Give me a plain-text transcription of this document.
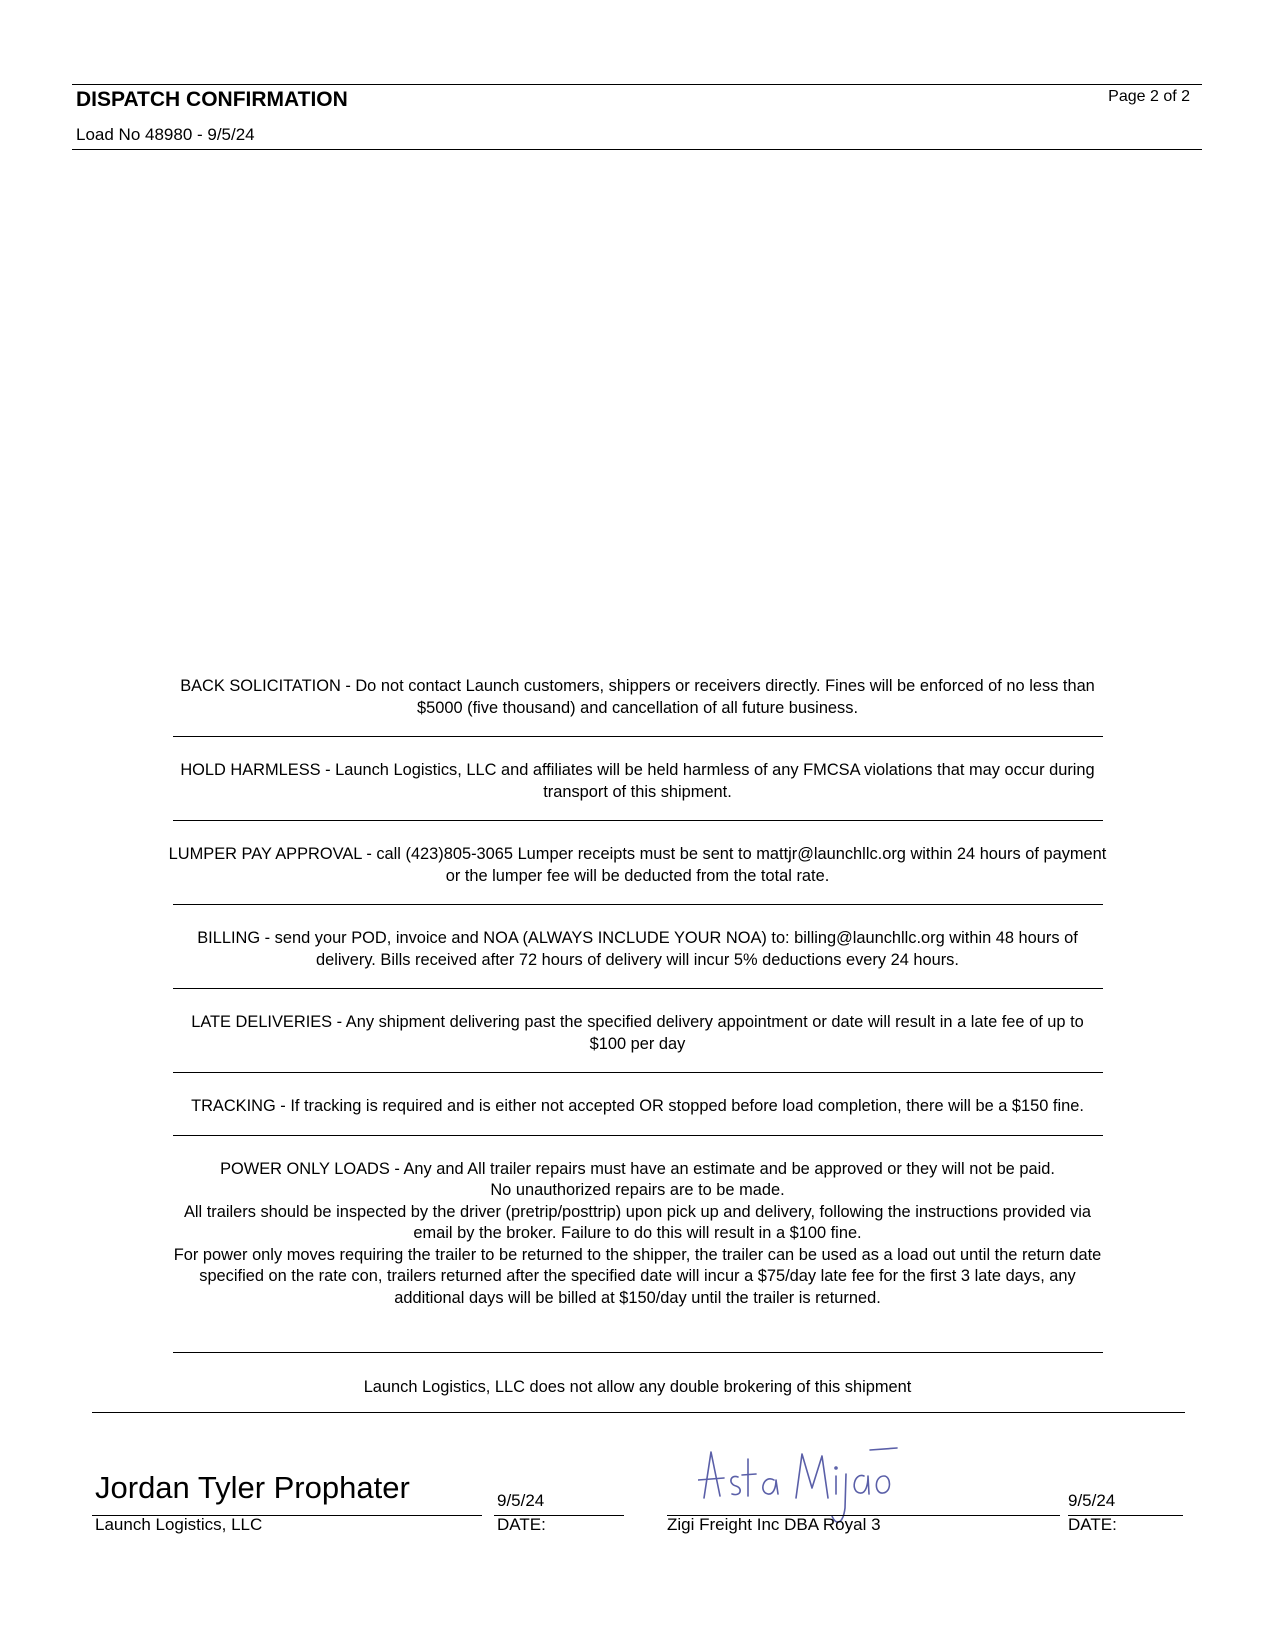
DISPATCH CONFIRMATION	Page 2 of 2
Load No 48980 - 9/5/24

BACK SOLICITATION - Do not contact Launch customers, shippers or receivers directly. Fines will be enforced of no less than

$5000 (five thousand) and cancellation of all future business.

HOLD HARMLESS - Launch Logistics, LLC and affiliates will be held harmless of any FMCSA violations that may occur during

transport of this shipment.

LUMPER PAY APPROVAL - call (423)805-3065 Lumper receipts must be sent to mattjr@launchllc.org within 24 hours of payment

or the lumper fee will be deducted from the total rate.

BILLING - send your POD, invoice and NOA (ALWAYS INCLUDE YOUR NOA) to: billing@launchllc.org within 48 hours of

delivery. Bills received after 72 hours of delivery will incur 5% deductions every 24 hours.

LATE DELIVERIES - Any shipment delivering past the specified delivery appointment or date will result in a late fee of up to

$100 per day

TRACKING - If tracking is required and is either not accepted OR stopped before load completion, there will be a $150 fine.

POWER ONLY LOADS - Any and All trailer repairs must have an estimate and be approved or they will not be paid.

No unauthorized repairs are to be made.

All trailers should be inspected by the driver (pretrip/posttrip) upon pick up and delivery, following the instructions provided via

email by the broker. Failure to do this will result in a $100 fine.

For power only moves requiring the trailer to be returned to the shipper, the trailer can be used as a load out until the return date

specified on the rate con, trailers returned after the specified date will incur a $75/day late fee for the first 3 late days, any

additional days will be billed at $150/day until the trailer is returned.

Launch Logistics, LLC does not allow any double brokering of this shipment

Jordan Tyler Prophater	9/5/24	9/5/24
Launch Logistics, LLC	DATE:	Zigi Freight Inc DBA Royal 3	DATE:
